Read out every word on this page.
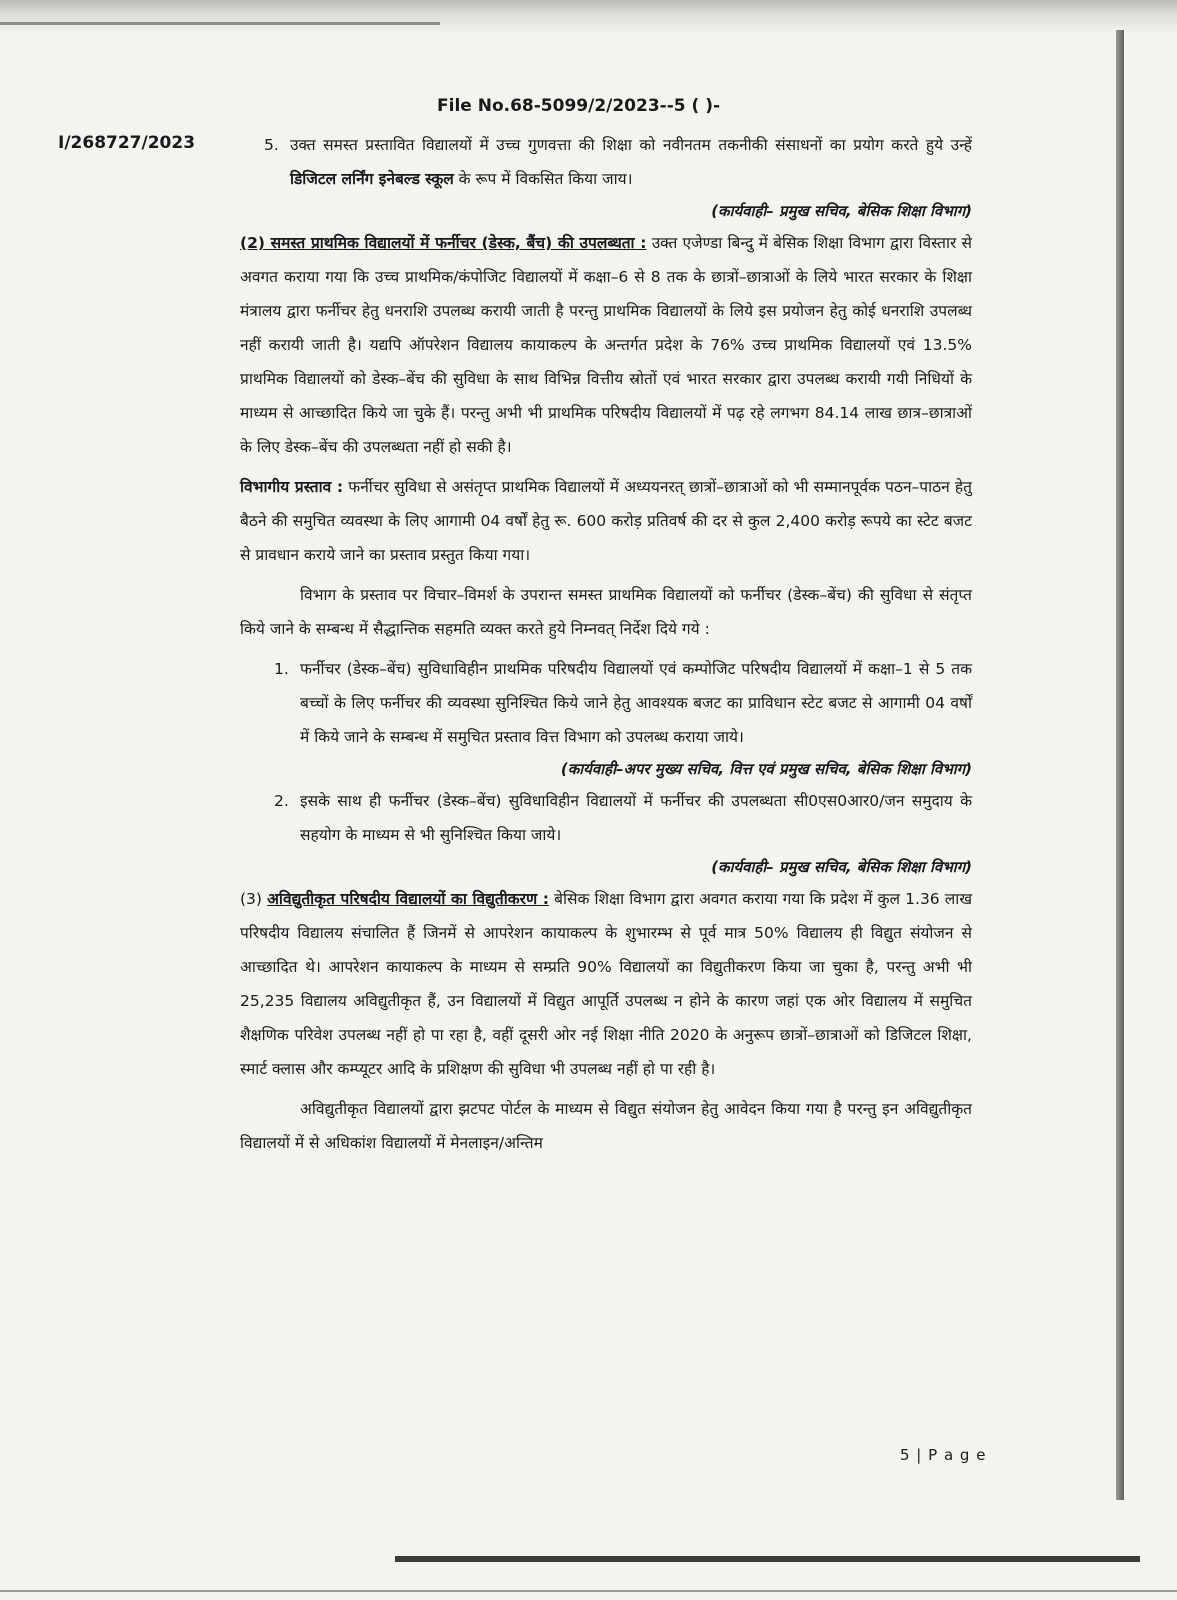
File No.68-5099/2/2023--5 ( )-
I/268727/2023	5. उक्त समस्त प्रस्तावित विद्यालयों में उच्च गुणवत्ता की शिक्षा को नवीनतम तकनीकी संसाधनों का प्रयोग करते हुये उन्हें डिजिटल लर्निंग इनेबल्ड स्कूल के रूप में विकसित किया जाय।

(कार्यवाही– प्रमुख सचिव, बेसिक शिक्षा विभाग)

(2) समस्त प्राथमिक विद्यालयों में फर्नीचर (डेस्क, बैंच) की उपलब्धता : उक्त एजेण्डा बिन्दु में बेसिक शिक्षा विभाग द्वारा विस्तार से अवगत कराया गया कि उच्च प्राथमिक/कंपोजिट विद्यालयों में कक्षा–6 से 8 तक के छात्रों–छात्राओं के लिये भारत सरकार के शिक्षा मंत्रालय द्वारा फर्नीचर हेतु धनराशि उपलब्ध करायी जाती है परन्तु प्राथमिक विद्यालयों के लिये इस प्रयोजन हेतु कोई धनराशि उपलब्ध नहीं करायी जाती है। यद्यपि ऑपरेशन विद्यालय कायाकल्प के अन्तर्गत प्रदेश के 76% उच्च प्राथमिक विद्यालयों एवं 13.5% प्राथमिक विद्यालयों को डेस्क–बेंच की सुविधा के साथ विभिन्न वित्तीय स्रोतों एवं भारत सरकार द्वारा उपलब्ध करायी गयी निधियों के माध्यम से आच्छादित किये जा चुके हैं। परन्तु अभी भी प्राथमिक परिषदीय विद्यालयों में पढ़ रहे लगभग 84.14 लाख छात्र–छात्राओं के लिए डेस्क–बेंच की उपलब्धता नहीं हो सकी है।

विभागीय प्रस्ताव : फर्नीचर सुविधा से असंतृप्त प्राथमिक विद्यालयों में अध्ययनरत् छात्रों–छात्राओं को भी सम्मानपूर्वक पठन–पाठन हेतु बैठने की समुचित व्यवस्था के लिए आगामी 04 वर्षों हेतु रू. 600 करोड़ प्रतिवर्ष की दर से कुल 2,400 करोड़ रूपये का स्टेट बजट से प्रावधान कराये जाने का प्रस्ताव प्रस्तुत किया गया।

विभाग के प्रस्ताव पर विचार–विमर्श के उपरान्त समस्त प्राथमिक विद्यालयों को फर्नीचर (डेस्क–बेंच) की सुविधा से संतृप्त किये जाने के सम्बन्ध में सैद्धान्तिक सहमति व्यक्त करते हुये निम्नवत् निर्देश दिये गये :

1. फर्नीचर (डेस्क–बेंच) सुविधाविहीन प्राथमिक परिषदीय विद्यालयों एवं कम्पोजिट परिषदीय विद्यालयों में कक्षा–1 से 5 तक बच्चों के लिए फर्नीचर की व्यवस्था सुनिश्चित किये जाने हेतु आवश्यक बजट का प्राविधान स्टेट बजट से आगामी 04 वर्षों में किये जाने के सम्बन्ध में समुचित प्रस्ताव वित्त विभाग को उपलब्ध कराया जाये।

(कार्यवाही–अपर मुख्य सचिव, वित्त एवं प्रमुख सचिव, बेसिक शिक्षा विभाग)

2. इसके साथ ही फर्नीचर (डेस्क–बेंच) सुविधाविहीन विद्यालयों में फर्नीचर की उपलब्धता सी0एस0आर0/जन समुदाय के सहयोग के माध्यम से भी सुनिश्चित किया जाये।

(कार्यवाही– प्रमुख सचिव, बेसिक शिक्षा विभाग)

(3) अविद्युतीकृत परिषदीय विद्यालयों का विद्युतीकरण : बेसिक शिक्षा विभाग द्वारा अवगत कराया गया कि प्रदेश में कुल 1.36 लाख परिषदीय विद्यालय संचालित हैं जिनमें से आपरेशन कायाकल्प के शुभारम्भ से पूर्व मात्र 50% विद्यालय ही विद्युत संयोजन से आच्छादित थे। आपरेशन कायाकल्प के माध्यम से सम्प्रति 90% विद्यालयों का विद्युतीकरण किया जा चुका है, परन्तु अभी भी 25,235 विद्यालय अविद्युतीकृत हैं, उन विद्यालयों में विद्युत आपूर्ति उपलब्ध न होने के कारण जहां एक ओर विद्यालय में समुचित शैक्षणिक परिवेश उपलब्ध नहीं हो पा रहा है, वहीं दूसरी ओर नई शिक्षा नीति 2020 के अनुरूप छात्रों–छात्राओं को डिजिटल शिक्षा, स्मार्ट क्लास और कम्प्यूटर आदि के प्रशिक्षण की सुविधा भी उपलब्ध नहीं हो पा रही है।

अविद्युतीकृत विद्यालयों द्वारा झटपट पोर्टल के माध्यम से विद्युत संयोजन हेतु आवेदन किया गया है परन्तु इन अविद्युतीकृत विद्यालयों में से अधिकांश विद्यालयों में मेनलाइन/अन्तिम

5 | P a g e
